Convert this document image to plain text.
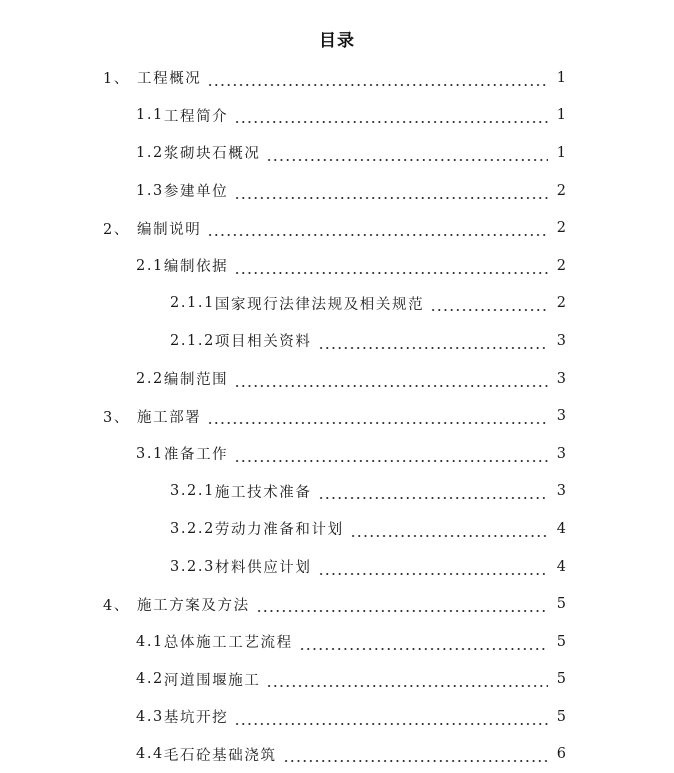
目录
1、 工程概况	1
1.1 工程简介	1
1.2 浆砌块石概况	1
1.3 参建单位	2
2、 编制说明	2
2.1 编制依据	2
2.1.1 国家现行法律法规及相关规范	2
2.1.2 项目相关资料	3
2.2 编制范围	3
3、 施工部署	3
3.1 准备工作	3
3.2.1 施工技术准备	3
3.2.2 劳动力准备和计划	4
3.2.3 材料供应计划	4
4、 施工方案及方法	5
4.1 总体施工工艺流程	5
4.2 河道围堰施工	5
4.3 基坑开挖	5
4.4 毛石砼基础浇筑	6
